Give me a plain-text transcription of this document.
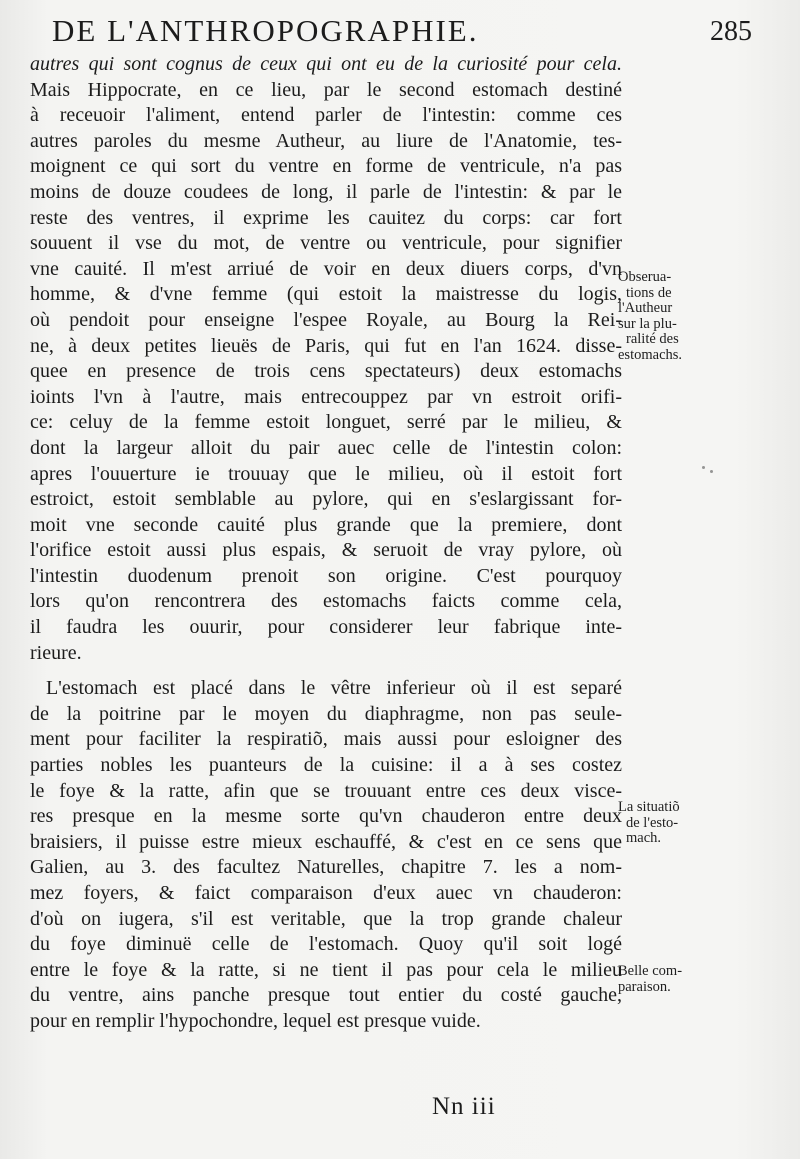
DE L'ANTHROPOGRAPHIE.	285
autres qui sont cognus de ceux qui ont eu de la curiosité pour cela.
Mais Hippocrate, en ce lieu, par le second estomach destiné
à receuoir l'aliment, entend parler de l'intestin: comme ces
autres paroles du mesme Autheur, au liure de l'Anatomie, tes-
moignent ce qui sort du ventre en forme de ventricule, n'a pas
moins de douze coudees de long, il parle de l'intestin: & par le
reste des ventres, il exprime les cauitez du corps: car fort
souuent il vse du mot, de ventre ou ventricule, pour signifier
vne cauité. Il m'est arriué de voir en deux diuers corps, d'vn
homme, & d'vne femme (qui estoit la maistresse du logis,
où pendoit pour enseigne l'espee Royale, au Bourg la Rei-
ne, à deux petites lieuës de Paris, qui fut en l'an 1624. disse-
quee en presence de trois cens spectateurs) deux estomachs
ioints l'vn à l'autre, mais entrecouppez par vn estroit orifi-
ce: celuy de la femme estoit longuet, serré par le milieu, &
dont la largeur alloit du pair auec celle de l'intestin colon:
apres l'ouuerture ie trouuay que le milieu, où il estoit fort
estroict, estoit semblable au pylore, qui en s'eslargissant for-
moit vne seconde cauité plus grande que la premiere, dont
l'orifice estoit aussi plus espais, & seruoit de vray pylore, où
l'intestin duodenum prenoit son origine. C'est pourquoy
lors qu'on rencontrera des estomachs faicts comme cela,
il faudra les ouurir, pour considerer leur fabrique inte-
rieure.
L'estomach est placé dans le vêtre inferieur où il est separé
de la poitrine par le moyen du diaphragme, non pas seule-
ment pour faciliter la respiratiõ, mais aussi pour esloigner des
parties nobles les puanteurs de la cuisine: il a à ses costez
le foye & la ratte, afin que se trouuant entre ces deux visce-
res presque en la mesme sorte qu'vn chauderon entre deux
braisiers, il puisse estre mieux eschauffé, & c'est en ce sens que
Galien, au 3. des facultez Naturelles, chapitre 7. les a nom-
mez foyers, & faict comparaison d'eux auec vn chauderon:
d'où on iugera, s'il est veritable, que la trop grande chaleur
du foye diminuë celle de l'estomach. Quoy qu'il soit logé
entre le foye & la ratte, si ne tient il pas pour cela le milieu
du ventre, ains panche presque tout entier du costé gauche,
pour en remplir l'hypochondre, lequel est presque vuide.
Obserua-
tions de
l'Autheur
sur la plu-
ralité des
estomachs.
La situatiõ
de l'esto-
mach.
Belle com-
paraison.
Nn iii
